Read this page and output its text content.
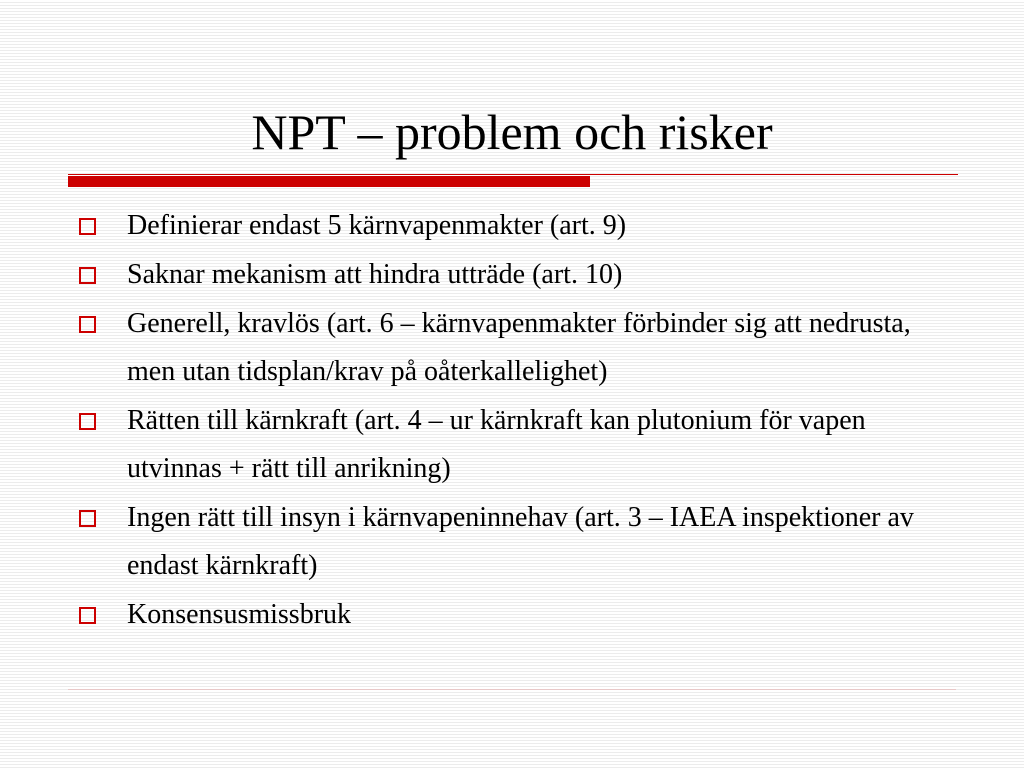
NPT – problem och risker
Definierar endast 5 kärnvapenmakter (art. 9)
Saknar mekanism att hindra utträde (art. 10)
Generell, kravlös (art. 6 – kärnvapenmakter förbinder sig att nedrusta, men utan tidsplan/krav på oåterkallelighet)
Rätten till kärnkraft (art. 4 – ur kärnkraft kan plutonium för vapen utvinnas + rätt till anrikning)
Ingen rätt till insyn i kärnvapeninnehav (art. 3 – IAEA inspektioner av endast kärnkraft)
Konsensusmissbruk
